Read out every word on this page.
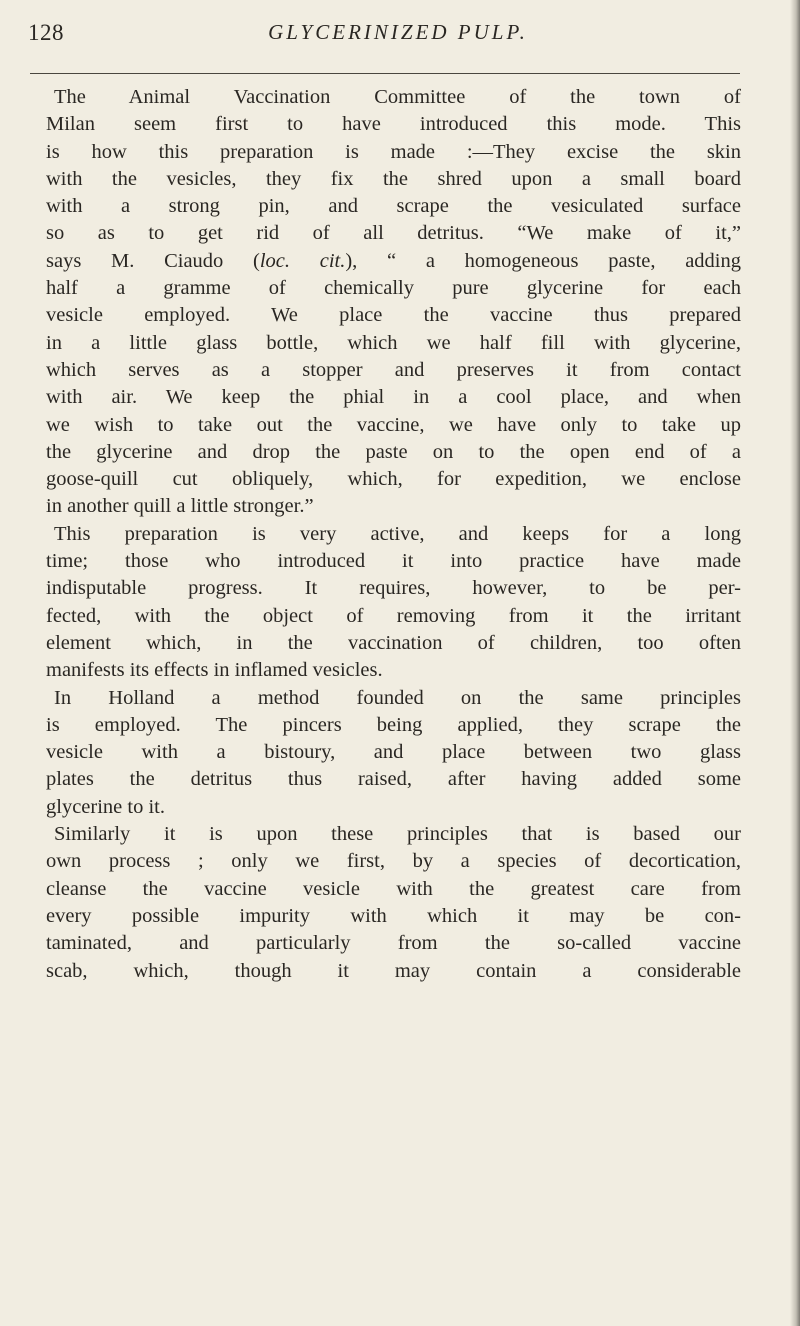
128	GLYCERINIZED PULP.
The Animal Vaccination Committee of the town of
Milan seem first to have introduced this mode. This
is how this preparation is made :—They excise the skin
with the vesicles, they fix the shred upon a small board
with a strong pin, and scrape the vesiculated surface
so as to get rid of all detritus. “We make of it,”
says M. Ciaudo (loc. cit.), “ a homogeneous paste, adding
half a gramme of chemically pure glycerine for each
vesicle employed. We place the vaccine thus prepared
in a little glass bottle, which we half fill with glycerine,
which serves as a stopper and preserves it from contact
with air. We keep the phial in a cool place, and when
we wish to take out the vaccine, we have only to take up
the glycerine and drop the paste on to the open end of a
goose-quill cut obliquely, which, for expedition, we enclose
in another quill a little stronger.”
This preparation is very active, and keeps for a long
time; those who introduced it into practice have made
indisputable progress. It requires, however, to be per-
fected, with the object of removing from it the irritant
element which, in the vaccination of children, too often
manifests its effects in inflamed vesicles.
In Holland a method founded on the same principles
is employed. The pincers being applied, they scrape the
vesicle with a bistoury, and place between two glass
plates the detritus thus raised, after having added some
glycerine to it.
Similarly it is upon these principles that is based our
own process ; only we first, by a species of decortication,
cleanse the vaccine vesicle with the greatest care from
every possible impurity with which it may be con-
taminated, and particularly from the so-called vaccine
scab, which, though it may contain a considerable
